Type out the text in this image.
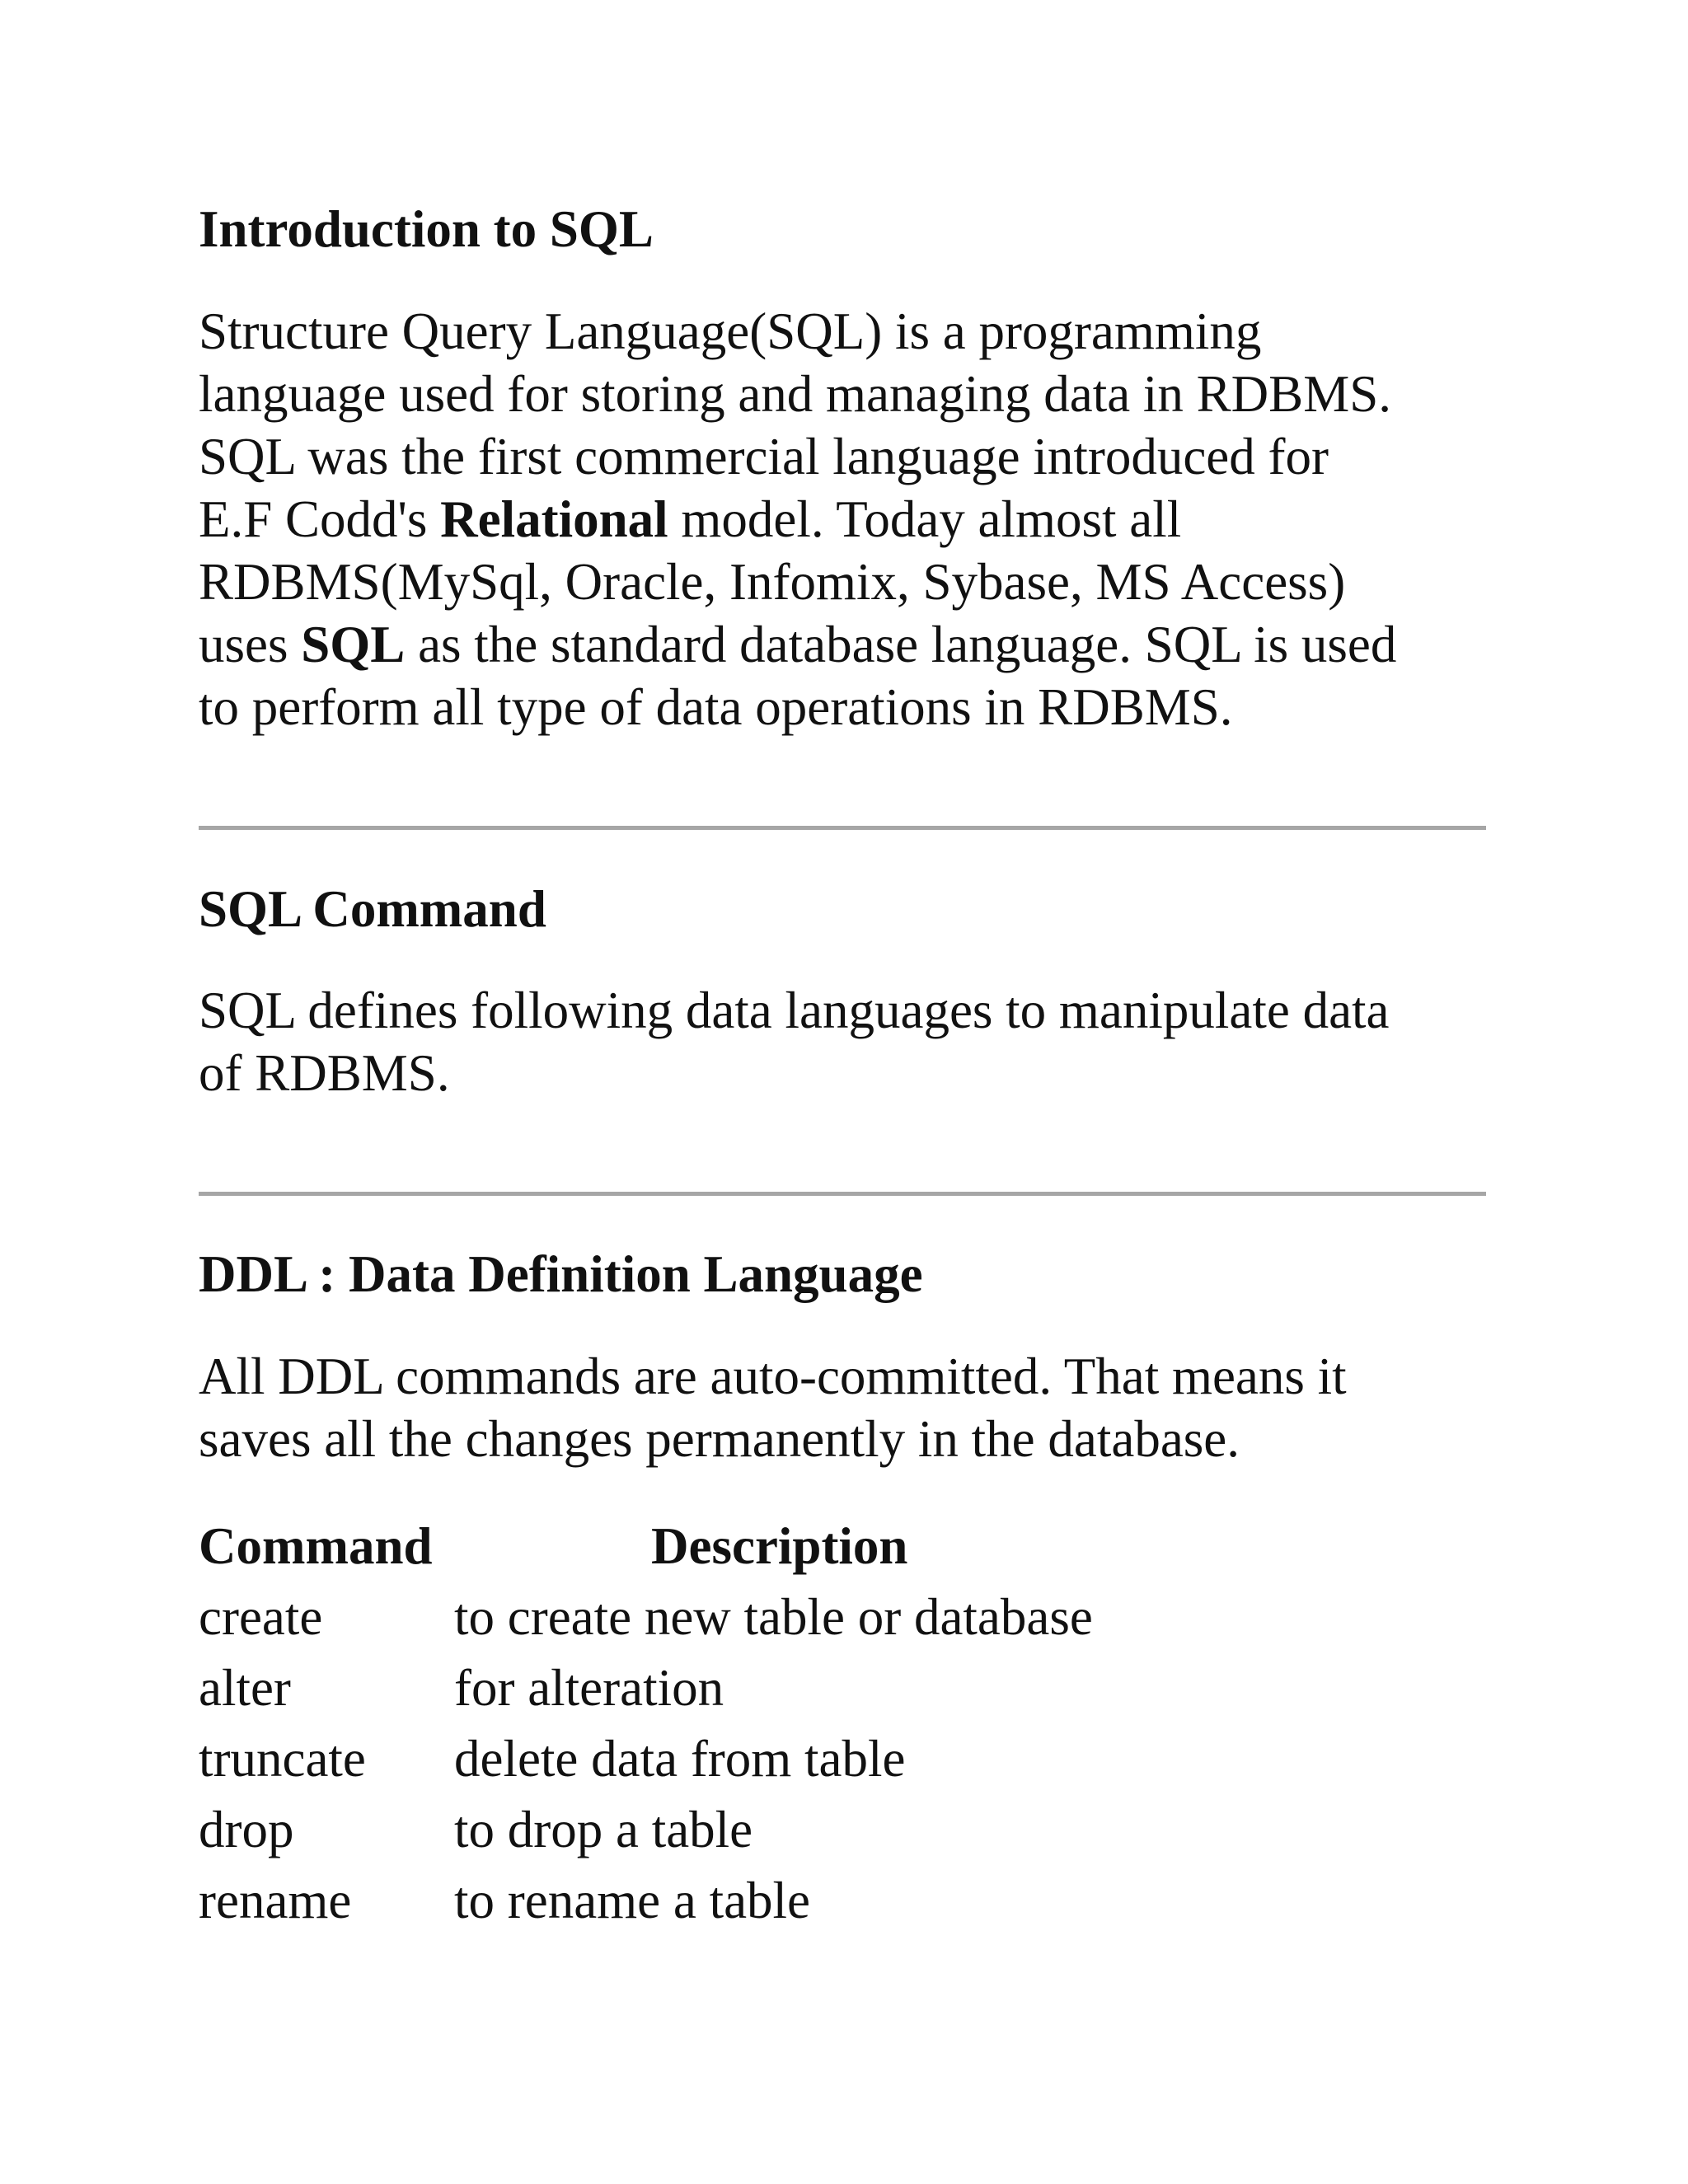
Introduction to SQL
Structure Query Language(SQL) is a programming
language used for storing and managing data in RDBMS.
SQL was the first commercial language introduced for
E.F Codd's Relational model. Today almost all
RDBMS(MySql, Oracle, Infomix, Sybase, MS Access)
uses SQL as the standard database language. SQL is used
to perform all type of data operations in RDBMS.
SQL Command
SQL defines following data languages to manipulate data
of RDBMS.
DDL : Data Definition Language
All DDL commands are auto-committed. That means it
saves all the changes permanently in the database.
Command	Description
create	to create new table or database
alter	for alteration
truncate delete data from table
drop	to drop a table
rename to rename a table
